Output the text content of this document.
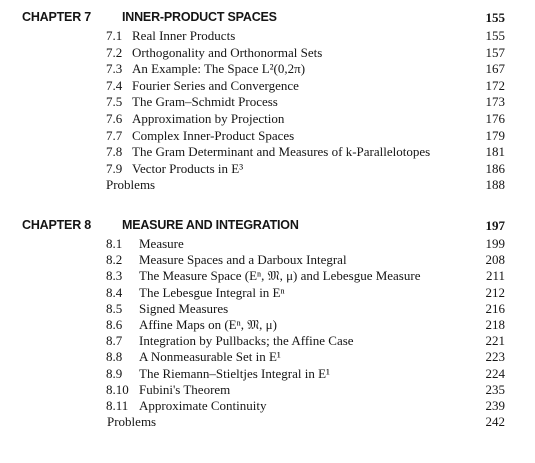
CHAPTER 7 INNER-PRODUCT SPACES	155
7.1 Real Inner Products	155
7.2 Orthogonality and Orthonormal Sets	157
7.3 An Example: The Space L²(0,2π)	167
7.4 Fourier Series and Convergence	172
7.5 The Gram–Schmidt Process	173
7.6 Approximation by Projection	176
7.7 Complex Inner-Product Spaces	179
7.8 The Gram Determinant and Measures of k-Parallelotopes	181
7.9 Vector Products in E³	186
Problems	188
CHAPTER 8 MEASURE AND INTEGRATION	197
8.1 Measure	199
8.2 Measure Spaces and a Darboux Integral	208
8.3 The Measure Space (Eⁿ, 𝔐, μ) and Lebesgue Measure	211
8.4 The Lebesgue Integral in Eⁿ	212
8.5 Signed Measures	216
8.6 Affine Maps on (Eⁿ, 𝔐, μ)	218
8.7 Integration by Pullbacks; the Affine Case	221
8.8 A Nonmeasurable Set in E¹	223
8.9 The Riemann–Stieltjes Integral in E¹	224
8.10 Fubini's Theorem	235
8.11 Approximate Continuity	239
Problems	242
